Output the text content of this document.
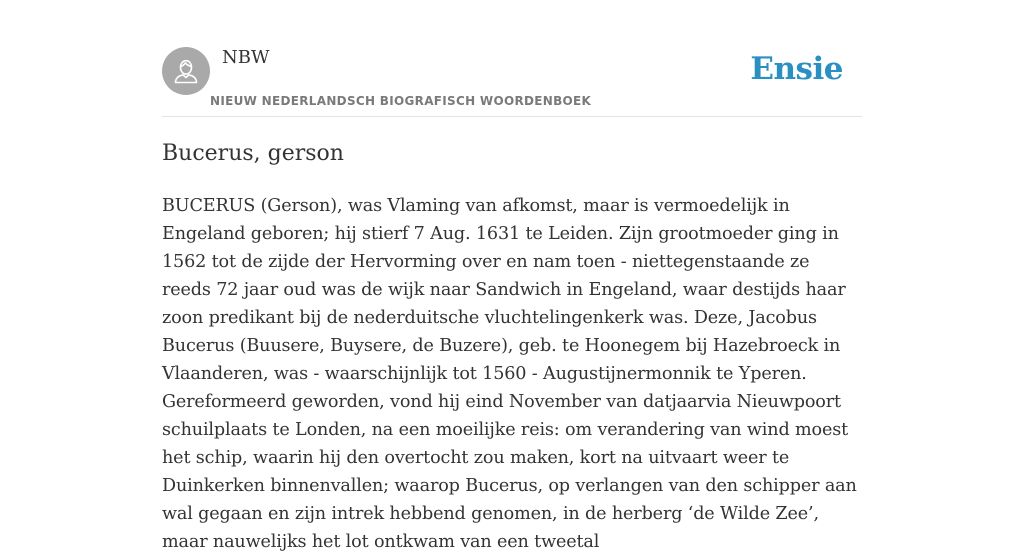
NBW
NIEUW NEDERLANDSCH BIOGRAFISCH WOORDENBOEK
Ensie
Bucerus, gerson

BUCERUS (Gerson), was Vlaming van afkomst, maar is vermoedelijk in Engeland geboren; hij stierf 7 Aug. 1631 te Leiden. Zijn grootmoeder ging in 1562 tot de zijde der Hervorming over en nam toen - niettegenstaande ze reeds 72 jaar oud was de wijk naar Sandwich in Engeland, waar destijds haar zoon predikant bij de nederduitsche vluchtelingenkerk was. Deze, Jacobus Bucerus (Buusere, Buysere, de Buzere), geb. te Hoonegem bij Hazebroeck in Vlaanderen, was - waarschijnlijk tot 1560 - Augustijnermonnik te Yperen. Gereformeerd geworden, vond hij eind November van datjaarvia Nieuwpoort schuilplaats te Londen, na een moeilijke reis: om verandering van wind moest het schip, waarin hij den overtocht zou maken, kort na uitvaart weer te Duinkerken binnenvallen; waarop Bucerus, op verlangen van den schipper aan wal gegaan en zijn intrek hebbend genomen, in de herberg ‘de Wilde Zee’, maar nauwelijks het lot ontkwam van een tweetal
